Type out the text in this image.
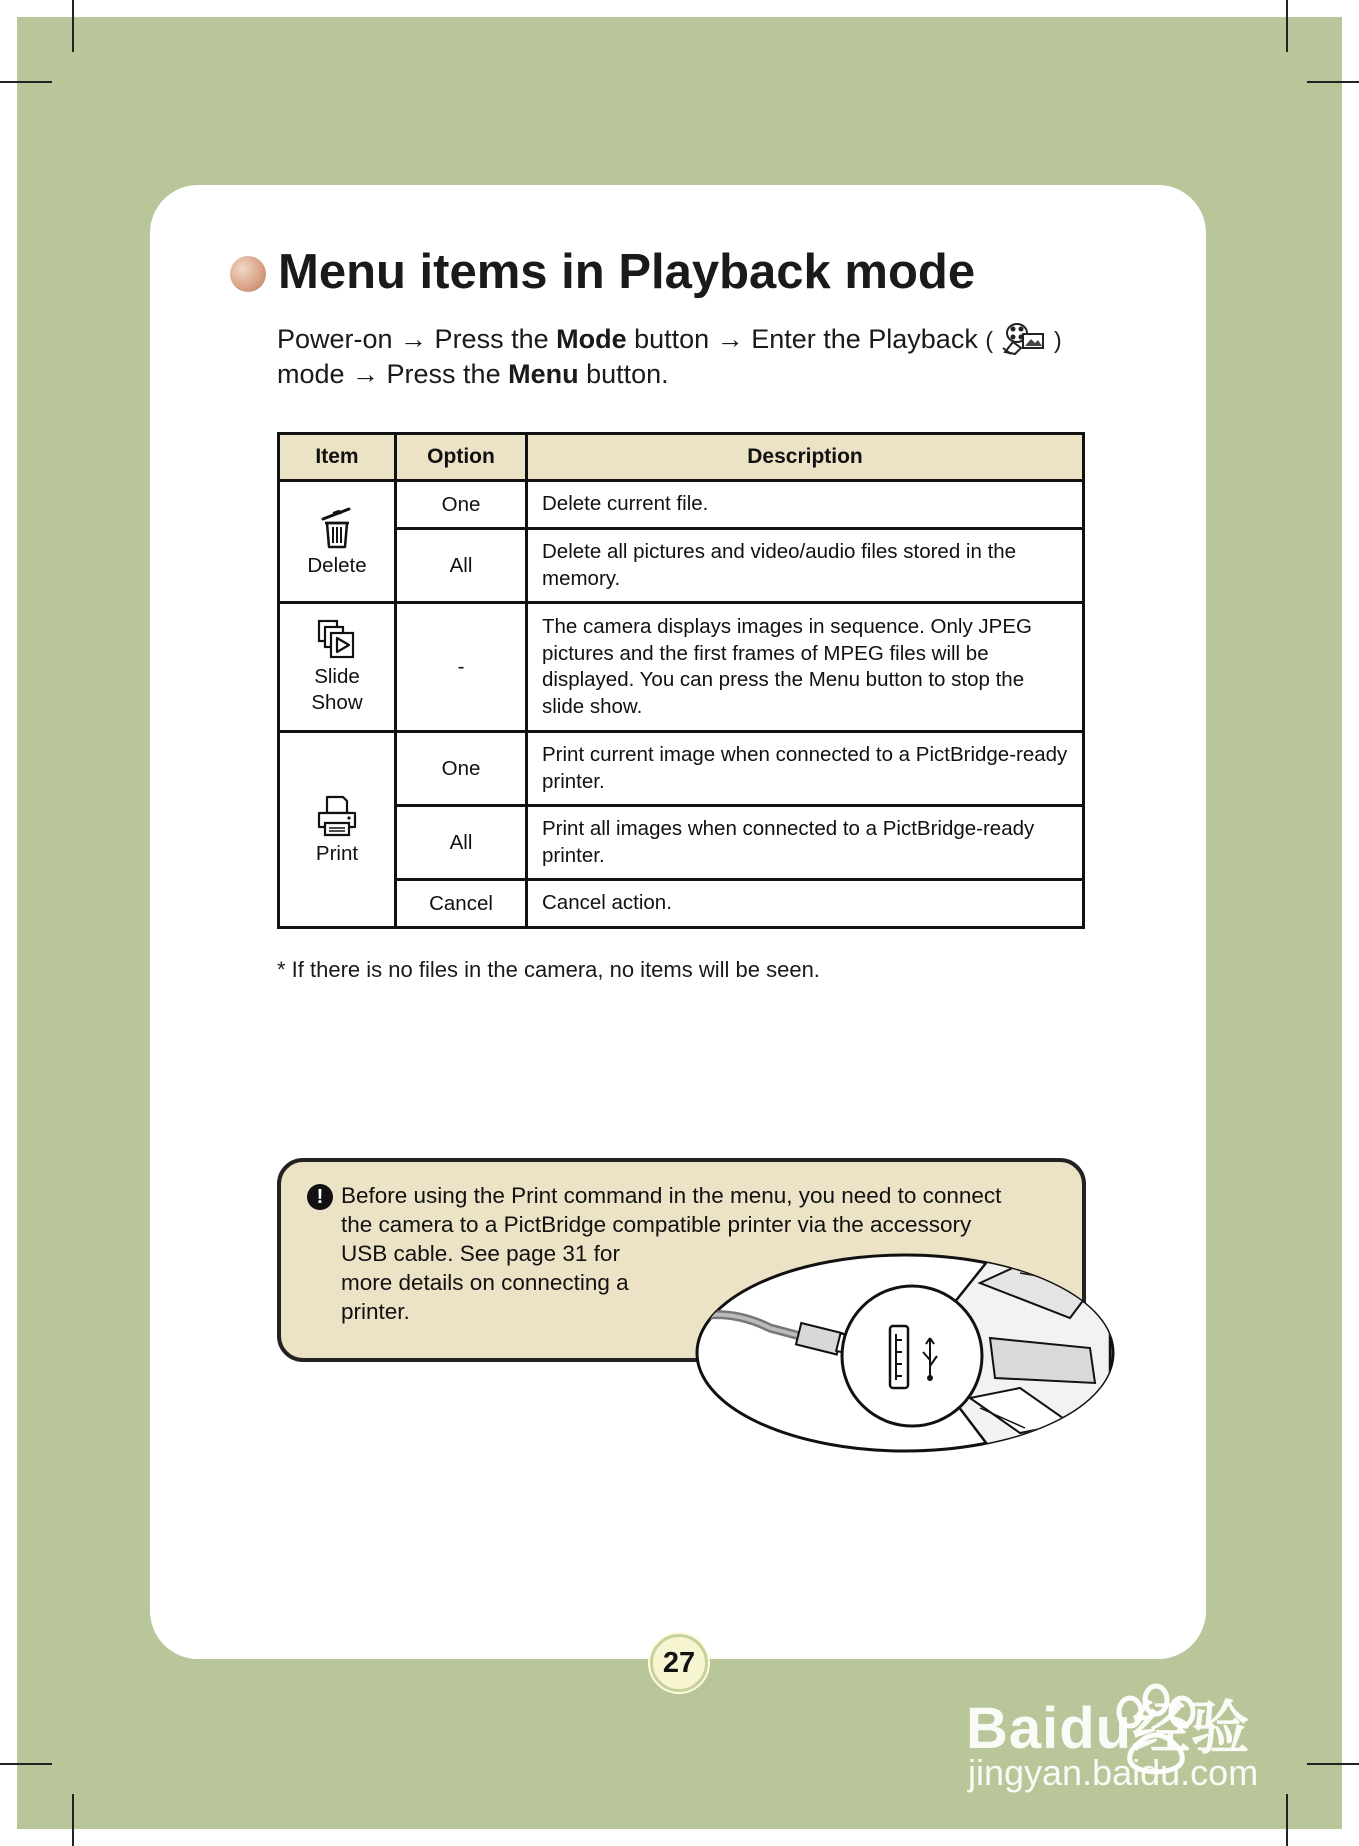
Menu items in Playback mode
Power-on → Press the Mode button → Enter the Playback (	)
mode → Press the Menu button.
Item	Option	Description

Delete	One	Delete current file.
	All	Delete all pictures and video/audio files stored in the memory.

Slide
Show	-	The camera displays images in sequence. Only JPEG pictures and the first frames of MPEG files will be displayed. You can press the Menu button to stop the slide show.

Print	One	Print current image when connected to a PictBridge-ready printer.
	All	Print all images when connected to a PictBridge-ready printer.
	Cancel	Cancel action.
* If there is no files in the camera, no items will be seen.
! Before using the Print command in the menu, you need to connect
the camera to a PictBridge compatible printer via the accessory
USB cable. See page 31 for
more details on connecting a
printer.
27
Baidu经验
jingyan.baidu.com
